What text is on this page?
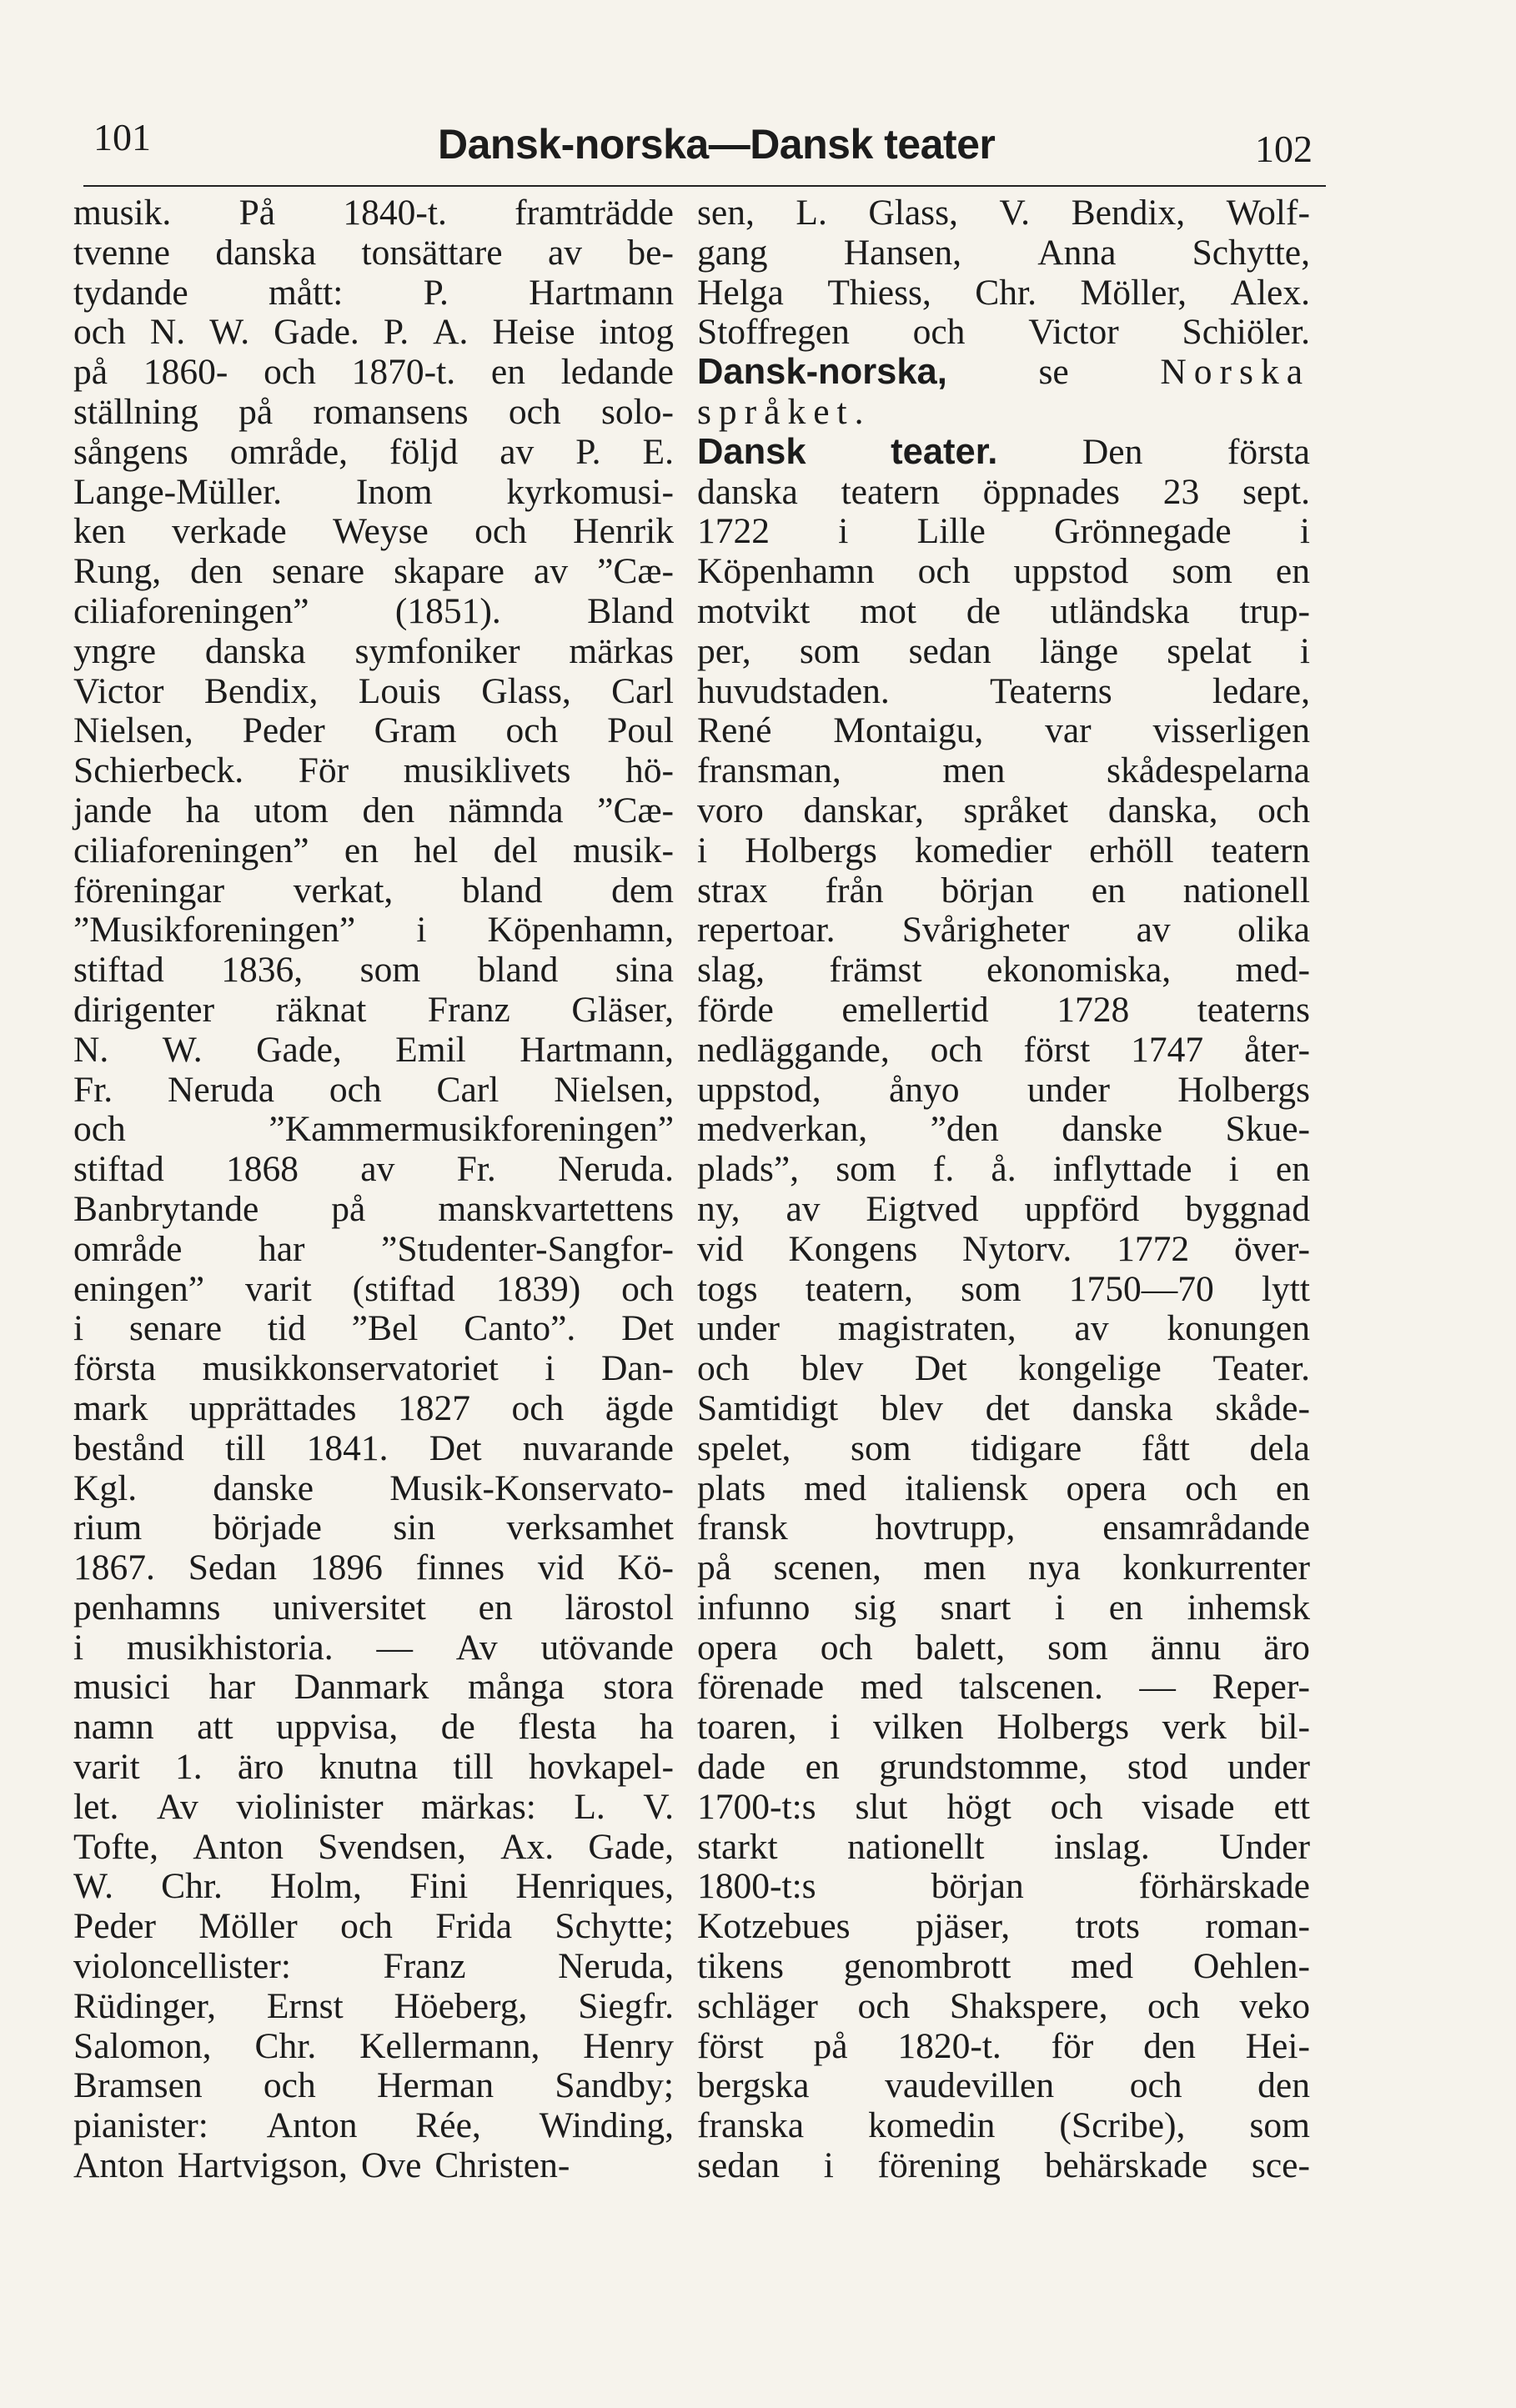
101	Dansk-norska—Dansk teater	102
musik. På 1840-t. framträdde
tvenne danska tonsättare av be-
tydande mått: P. Hartmann
och N. W. Gade. P. A. Heise intog
på 1860- och 1870-t. en ledande
ställning på romansens och solo-
sångens område, följd av P. E.
Lange-Müller. Inom kyrkomusi-
ken verkade Weyse och Henrik
Rung, den senare skapare av ”Cæ-
ciliaforeningen” (1851). Bland
yngre danska symfoniker märkas
Victor Bendix, Louis Glass, Carl
Nielsen, Peder Gram och Poul
Schierbeck. För musiklivets hö-
jande ha utom den nämnda ”Cæ-
ciliaforeningen” en hel del musik-
föreningar verkat, bland dem
”Musikforeningen” i Köpenhamn,
stiftad 1836, som bland sina
dirigenter räknat Franz Gläser,
N. W. Gade, Emil Hartmann,
Fr. Neruda och Carl Nielsen,
och	”Kammermusikforeningen”
stiftad 1868 av Fr. Neruda.
Banbrytande på manskvartettens
område har ”Studenter-Sangfor-
eningen” varit (stiftad 1839) och
i senare tid ”Bel Canto”. Det
första musikkonservatoriet i Dan-
mark upprättades 1827 och ägde
bestånd till 1841. Det nuvarande
Kgl. danske Musik-Konservato-
rium började sin verksamhet
1867. Sedan 1896 finnes vid Kö-
penhamns universitet en lärostol
i musikhistoria. — Av utövande
musici har Danmark många stora
namn att uppvisa, de flesta ha
varit 1. äro knutna till hovkapel-
let. Av violinister märkas: L. V.
Tofte, Anton Svendsen, Ax. Gade,
W. Chr. Holm, Fini Henriques,
Peder Möller och Frida Schytte;
violoncellister:	Franz	Neruda,
Rüdinger, Ernst Höeberg, Siegfr.
Salomon, Chr. Kellermann, Henry
Bramsen och Herman Sandby;
pianister: Anton Rée, Winding,
Anton Hartvigson, Ove Christen-
sen, L. Glass, V. Bendix, Wolf-
gang Hansen, Anna Schytte,
Helga Thiess, Chr. Möller, Alex.
Stoffregen och Victor Schiöler.
Dansk-norska,	se	Norska
språket.
Dansk teater. Den första
danska teatern öppnades 23 sept.
1722 i Lille Grönnegade i
Köpenhamn och uppstod som en
motvikt mot de utländska trup-
per, som sedan länge spelat i
huvudstaden.	Teaterns	ledare,
René Montaigu, var visserligen
fransman,	men	skådespelarna
voro danskar, språket danska, och
i Holbergs komedier erhöll teatern
strax från början en nationell
repertoar. Svårigheter av olika
slag, främst ekonomiska, med-
förde emellertid 1728 teaterns
nedläggande, och först 1747 åter-
uppstod, ånyo under Holbergs
medverkan, ”den danske Skue-
plads”, som f. å. inflyttade i en
ny, av Eigtved uppförd byggnad
vid Kongens Nytorv. 1772 över-
togs teatern, som 1750—70 lytt
under magistraten, av konungen
och blev Det kongelige Teater.
Samtidigt blev det danska skåde-
spelet, som tidigare fått dela
plats med italiensk opera och en
fransk hovtrupp, ensamrådande
på scenen, men nya konkurrenter
infunno sig snart i en inhemsk
opera och balett, som ännu äro
förenade med talscenen. — Reper-
toaren, i vilken Holbergs verk bil-
dade en grundstomme, stod under
1700-t:s slut högt och visade ett
starkt nationellt inslag. Under
1800-t:s	början	förhärskade
Kotzebues pjäser, trots roman-
tikens genombrott med Oehlen-
schläger och Shakspere, och veko
först på 1820-t. för den Hei-
bergska vaudevillen och den
franska komedin (Scribe), som
sedan i förening behärskade sce-
